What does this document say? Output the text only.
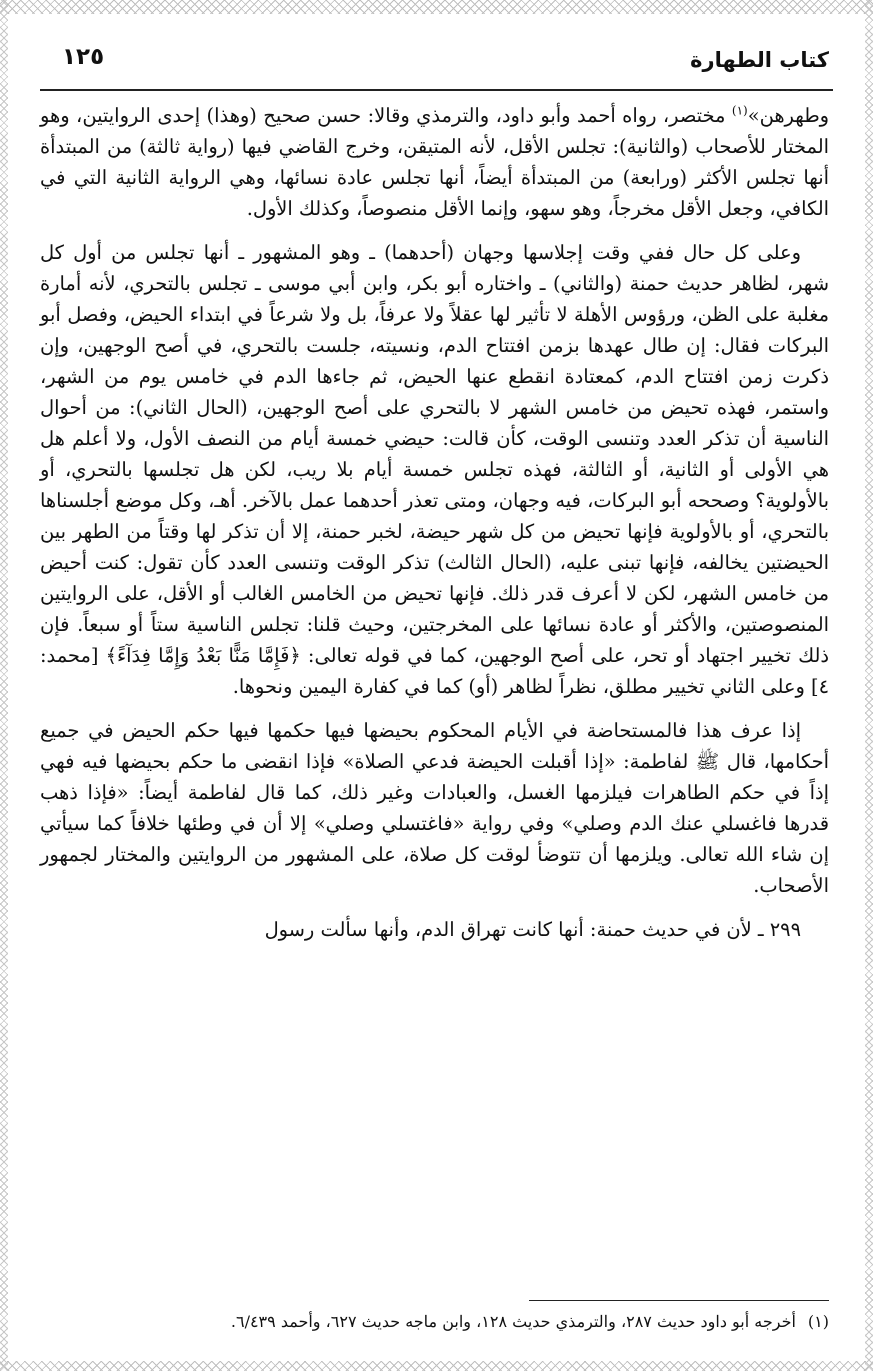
كتاب الطهارة
١٢٥

وطهرهن»$^{(١)}$ مختصر، رواه أحمد وأبو داود، والترمذي وقالا: حسن صحيح (وهذا) إحدى الروايتين، وهو المختار للأصحاب (والثانية): تجلس الأقل، لأنه المتيقن، وخرج القاضي فيها (رواية ثالثة) من المبتدأة أنها تجلس الأكثر (ورابعة) من المبتدأة أيضاً، أنها تجلس عادة نسائها، وهي الرواية الثانية التي في الكافي، وجعل الأقل مخرجاً، وهو سهو، وإنما الأقل منصوصاً، وكذلك الأول.

وعلى كل حال ففي وقت إجلاسها وجهان (أحدهما) ـ وهو المشهور ـ أنها تجلس من أول كل شهر، لظاهر حديث حمنة (والثاني) ـ واختاره أبو بكر، وابن أبي موسى ـ تجلس بالتحري، لأنه أمارة مغلبة على الظن، ورؤوس الأهلة لا تأثير لها عقلاً ولا عرفاً، بل ولا شرعاً في ابتداء الحيض، وفصل أبو البركات فقال: إن طال عهدها بزمن افتتاح الدم، ونسيته، جلست بالتحري، في أصح الوجهين، وإن ذكرت زمن افتتاح الدم، كمعتادة انقطع عنها الحيض، ثم جاءها الدم في خامس يوم من الشهر، واستمر، فهذه تحيض من خامس الشهر لا بالتحري على أصح الوجهين، (الحال الثاني): من أحوال الناسية أن تذكر العدد وتنسى الوقت، كأن قالت: حيضي خمسة أيام من النصف الأول، ولا أعلم هل هي الأولى أو الثانية، أو الثالثة، فهذه تجلس خمسة أيام بلا ريب، لكن هل تجلسها بالتحري، أو بالأولوية؟ وصححه أبو البركات، فيه وجهان، ومتى تعذر أحدهما عمل بالآخر. أهـ، وكل موضع أجلسناها بالتحري، أو بالأولوية فإنها تحيض من كل شهر حيضة، لخبر حمنة، إلا أن تذكر لها وقتاً من الطهر بين الحيضتين يخالفه، فإنها تبنى عليه، (الحال الثالث) تذكر الوقت وتنسى العدد كأن تقول: كنت أحيض من خامس الشهر، لكن لا أعرف قدر ذلك. فإنها تحيض من الخامس الغالب أو الأقل، على الروايتين المنصوصتين، والأكثر أو عادة نسائها على المخرجتين، وحيث قلنا: تجلس الناسية ستاً أو سبعاً. فإن ذلك تخيير اجتهاد أو تحر، على أصح الوجهين، كما في قوله تعالى: ﴿فَإِمَّا مَنًّا بَعْدُ وَإِمَّا فِدَآءً﴾ [محمد: ٤] وعلى الثاني تخيير مطلق، نظراً لظاهر (أو) كما في كفارة اليمين ونحوها.

إذا عرف هذا فالمستحاضة في الأيام المحكوم بحيضها فيها حكمها فيها حكم الحيض في جميع أحكامها، قال ﷺ لفاطمة: «إذا أقبلت الحيضة فدعي الصلاة» فإذا انقضى ما حكم بحيضها فيه فهي إذاً في حكم الطاهرات فيلزمها الغسل، والعبادات وغير ذلك، كما قال لفاطمة أيضاً: «فإذا ذهب قدرها فاغسلي عنك الدم وصلي» وفي رواية «فاغتسلي وصلي» إلا أن في وطئها خلافاً كما سيأتي إن شاء الله تعالى. ويلزمها أن تتوضأ لوقت كل صلاة، على المشهور من الروايتين والمختار لجمهور الأصحاب.

٢٩٩ ـ لأن في حديث حمنة: أنها كانت تهراق الدم، وأنها سألت رسول

(١)أخرجه أبو داود حديث ٢٨٧، والترمذي حديث ١٢٨، وابن ماجه حديث ٦٢٧، وأحمد ٦/٤٣٩.
